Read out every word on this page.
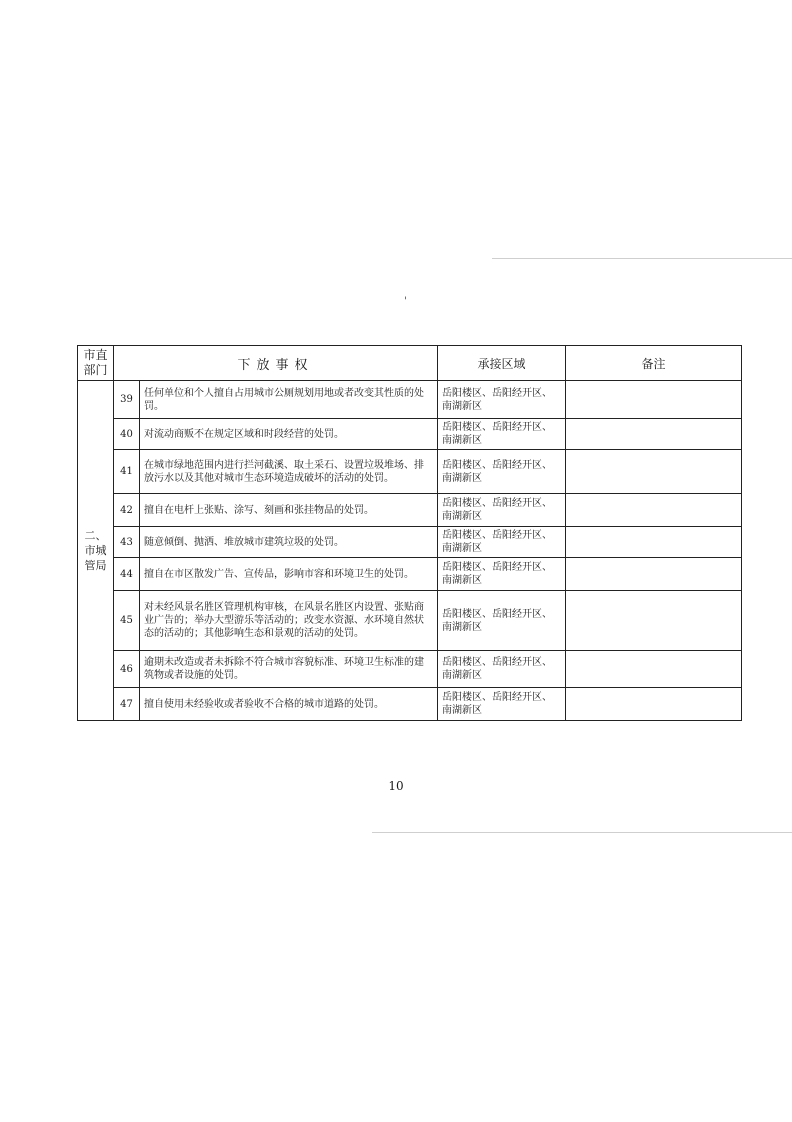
'
市直部门	下放事权		承接区域	备注

二、
市城管局	39	任何单位和个人擅自占用城市公厕规划用地或者改变其性质的处罚。	岳阳楼区、岳阳经开区、南湖新区	
	40	对流动商贩不在规定区域和时段经营的处罚。	岳阳楼区、岳阳经开区、南湖新区	
	41	在城市绿地范围内进行拦河截溪、取土采石、设置垃圾堆场、排放污水以及其他对城市生态环境造成破坏的活动的处罚。	岳阳楼区、岳阳经开区、南湖新区	
	42	擅自在电杆上张贴、涂写、刻画和张挂物品的处罚。	岳阳楼区、岳阳经开区、南湖新区	
	43	随意倾倒、抛洒、堆放城市建筑垃圾的处罚。	岳阳楼区、岳阳经开区、南湖新区	
	44	擅自在市区散发广告、宣传品，影响市容和环境卫生的处罚。	岳阳楼区、岳阳经开区、南湖新区	
	45	对未经风景名胜区管理机构审核，在风景名胜区内设置、张贴商业广告的；举办大型游乐等活动的；改变水资源、水环境自然状态的活动的；其他影响生态和景观的活动的处罚。	岳阳楼区、岳阳经开区、南湖新区	
	46	逾期未改造或者未拆除不符合城市容貌标准、环境卫生标准的建筑物或者设施的处罚。	岳阳楼区、岳阳经开区、南湖新区	
	47	擅自使用未经验收或者验收不合格的城市道路的处罚。	岳阳楼区、岳阳经开区、南湖新区	
10
